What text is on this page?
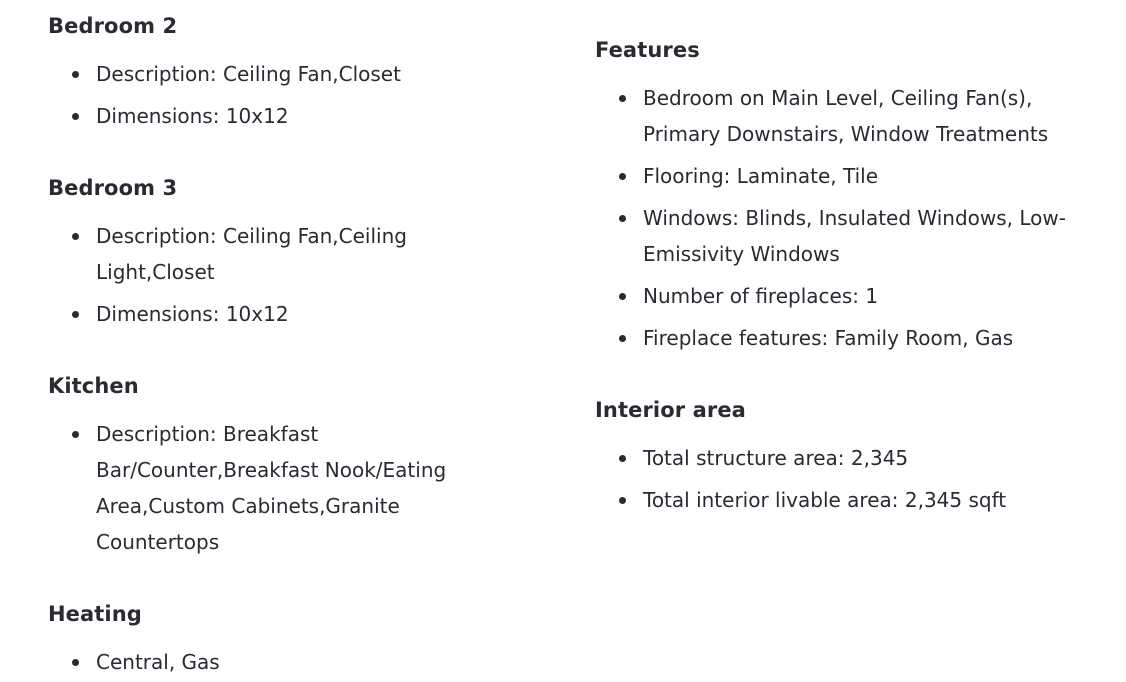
Bedroom 2
Description: Ceiling Fan,Closet
Dimensions: 10x12
Bedroom 3
Description: Ceiling Fan,Ceiling Light,Closet
Dimensions: 10x12
Kitchen
Description: Breakfast Bar/Counter,Breakfast Nook/Eating Area,Custom Cabinets,Granite Countertops
Heating
Central, Gas
Features
Bedroom on Main Level, Ceiling Fan(s), Primary Downstairs, Window Treatments
Flooring: Laminate, Tile
Windows: Blinds, Insulated Windows, Low-Emissivity Windows
Number of fireplaces: 1
Fireplace features: Family Room, Gas
Interior area
Total structure area: 2,345
Total interior livable area: 2,345 sqft
